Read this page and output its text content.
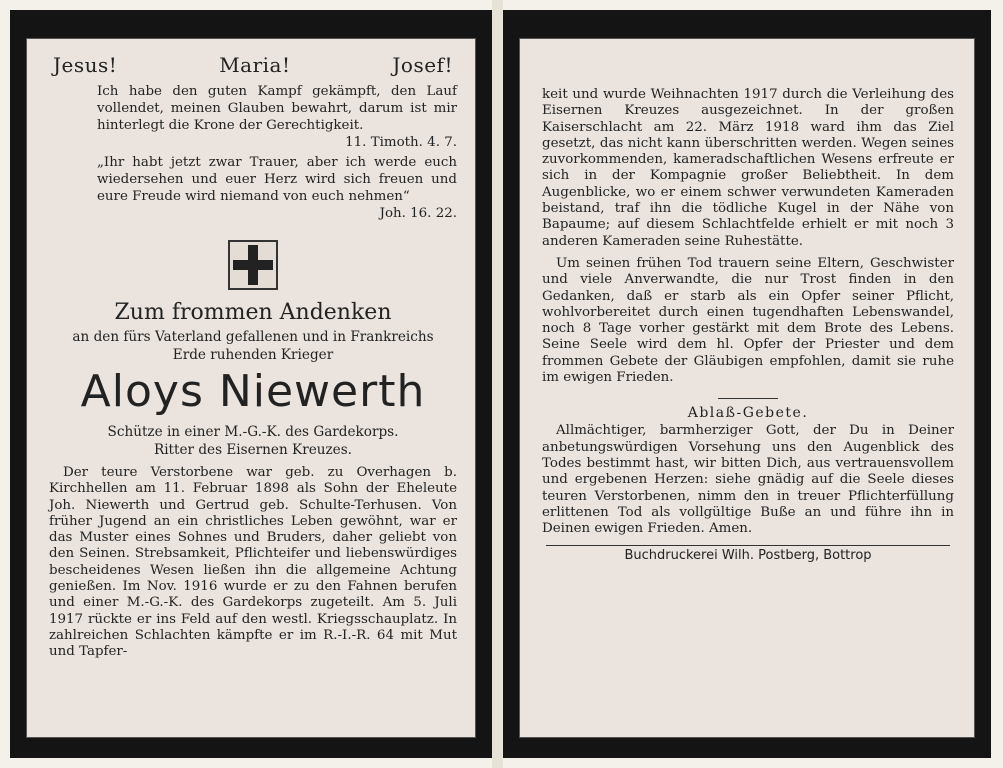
Jesus!	Maria!	Josef!
Ich habe den guten Kampf gekämpft, den Lauf vollendet, meinen Glauben bewahrt, darum ist mir hinterlegt die Krone der Gerechtigkeit.
11. Timoth. 4. 7.
„Ihr habt jetzt zwar Trauer, aber ich werde euch wiedersehen und euer Herz wird sich freuen und eure Freude wird niemand von euch nehmen“
Joh. 16. 22.
Zum frommen Andenken
an den fürs Vaterland gefallenen und in Frankreichs Erde ruhenden Krieger
Aloys Niewerth
Schütze in einer M.-G.-K. des Gardekorps.
Ritter des Eisernen Kreuzes.

Der teure Verstorbene war geb. zu Overhagen b. Kirchhellen am 11. Februar 1898 als Sohn der Eheleute Joh. Niewerth und Gertrud geb. Schulte-Terhusen. Von früher Jugend an ein christliches Leben gewöhnt, war er das Muster eines Sohnes und Bruders, daher geliebt von den Seinen. Strebsamkeit, Pflichteifer und liebenswürdiges bescheidenes Wesen ließen ihn die allgemeine Achtung genießen. Im Nov. 1916 wurde er zu den Fahnen berufen und einer M.-G.-K. des Gardekorps zugeteilt. Am 5. Juli 1917 rückte er ins Feld auf den westl. Kriegsschauplatz. In zahlreichen Schlachten kämpfte er im R.-I.-R. 64 mit Mut und Tapfer-

keit und wurde Weihnachten 1917 durch die Verleihung des Eisernen Kreuzes ausgezeichnet. In der großen Kaiserschlacht am 22. März 1918 ward ihm das Ziel gesetzt, das nicht kann überschritten werden. Wegen seines zuvorkommenden, kameradschaftlichen Wesens erfreute er sich in der Kompagnie großer Beliebtheit. In dem Augenblicke, wo er einem schwer verwundeten Kameraden beistand, traf ihn die tödliche Kugel in der Nähe von Bapaume; auf diesem Schlachtfelde erhielt er mit noch 3 anderen Kameraden seine Ruhestätte.

Um seinen frühen Tod trauern seine Eltern, Geschwister und viele Anverwandte, die nur Trost finden in den Gedanken, daß er starb als ein Opfer seiner Pflicht, wohlvorbereitet durch einen tugendhaften Lebenswandel, noch 8 Tage vorher gestärkt mit dem Brote des Lebens. Seine Seele wird dem hl. Opfer der Priester und dem frommen Gebete der Gläubigen empfohlen, damit sie ruhe im ewigen Frieden.

Ablaß-Gebete.

Allmächtiger, barmherziger Gott, der Du in Deiner anbetungswürdigen Vorsehung uns den Augenblick des Todes bestimmt hast, wir bitten Dich, aus vertrauensvollem und ergebenen Herzen: siehe gnädig auf die Seele dieses teuren Verstorbenen, nimm den in treuer Pflichterfüllung erlittenen Tod als vollgültige Buße an und führe ihn in Deinen ewigen Frieden. Amen.

Buchdruckerei Wilh. Postberg, Bottrop
